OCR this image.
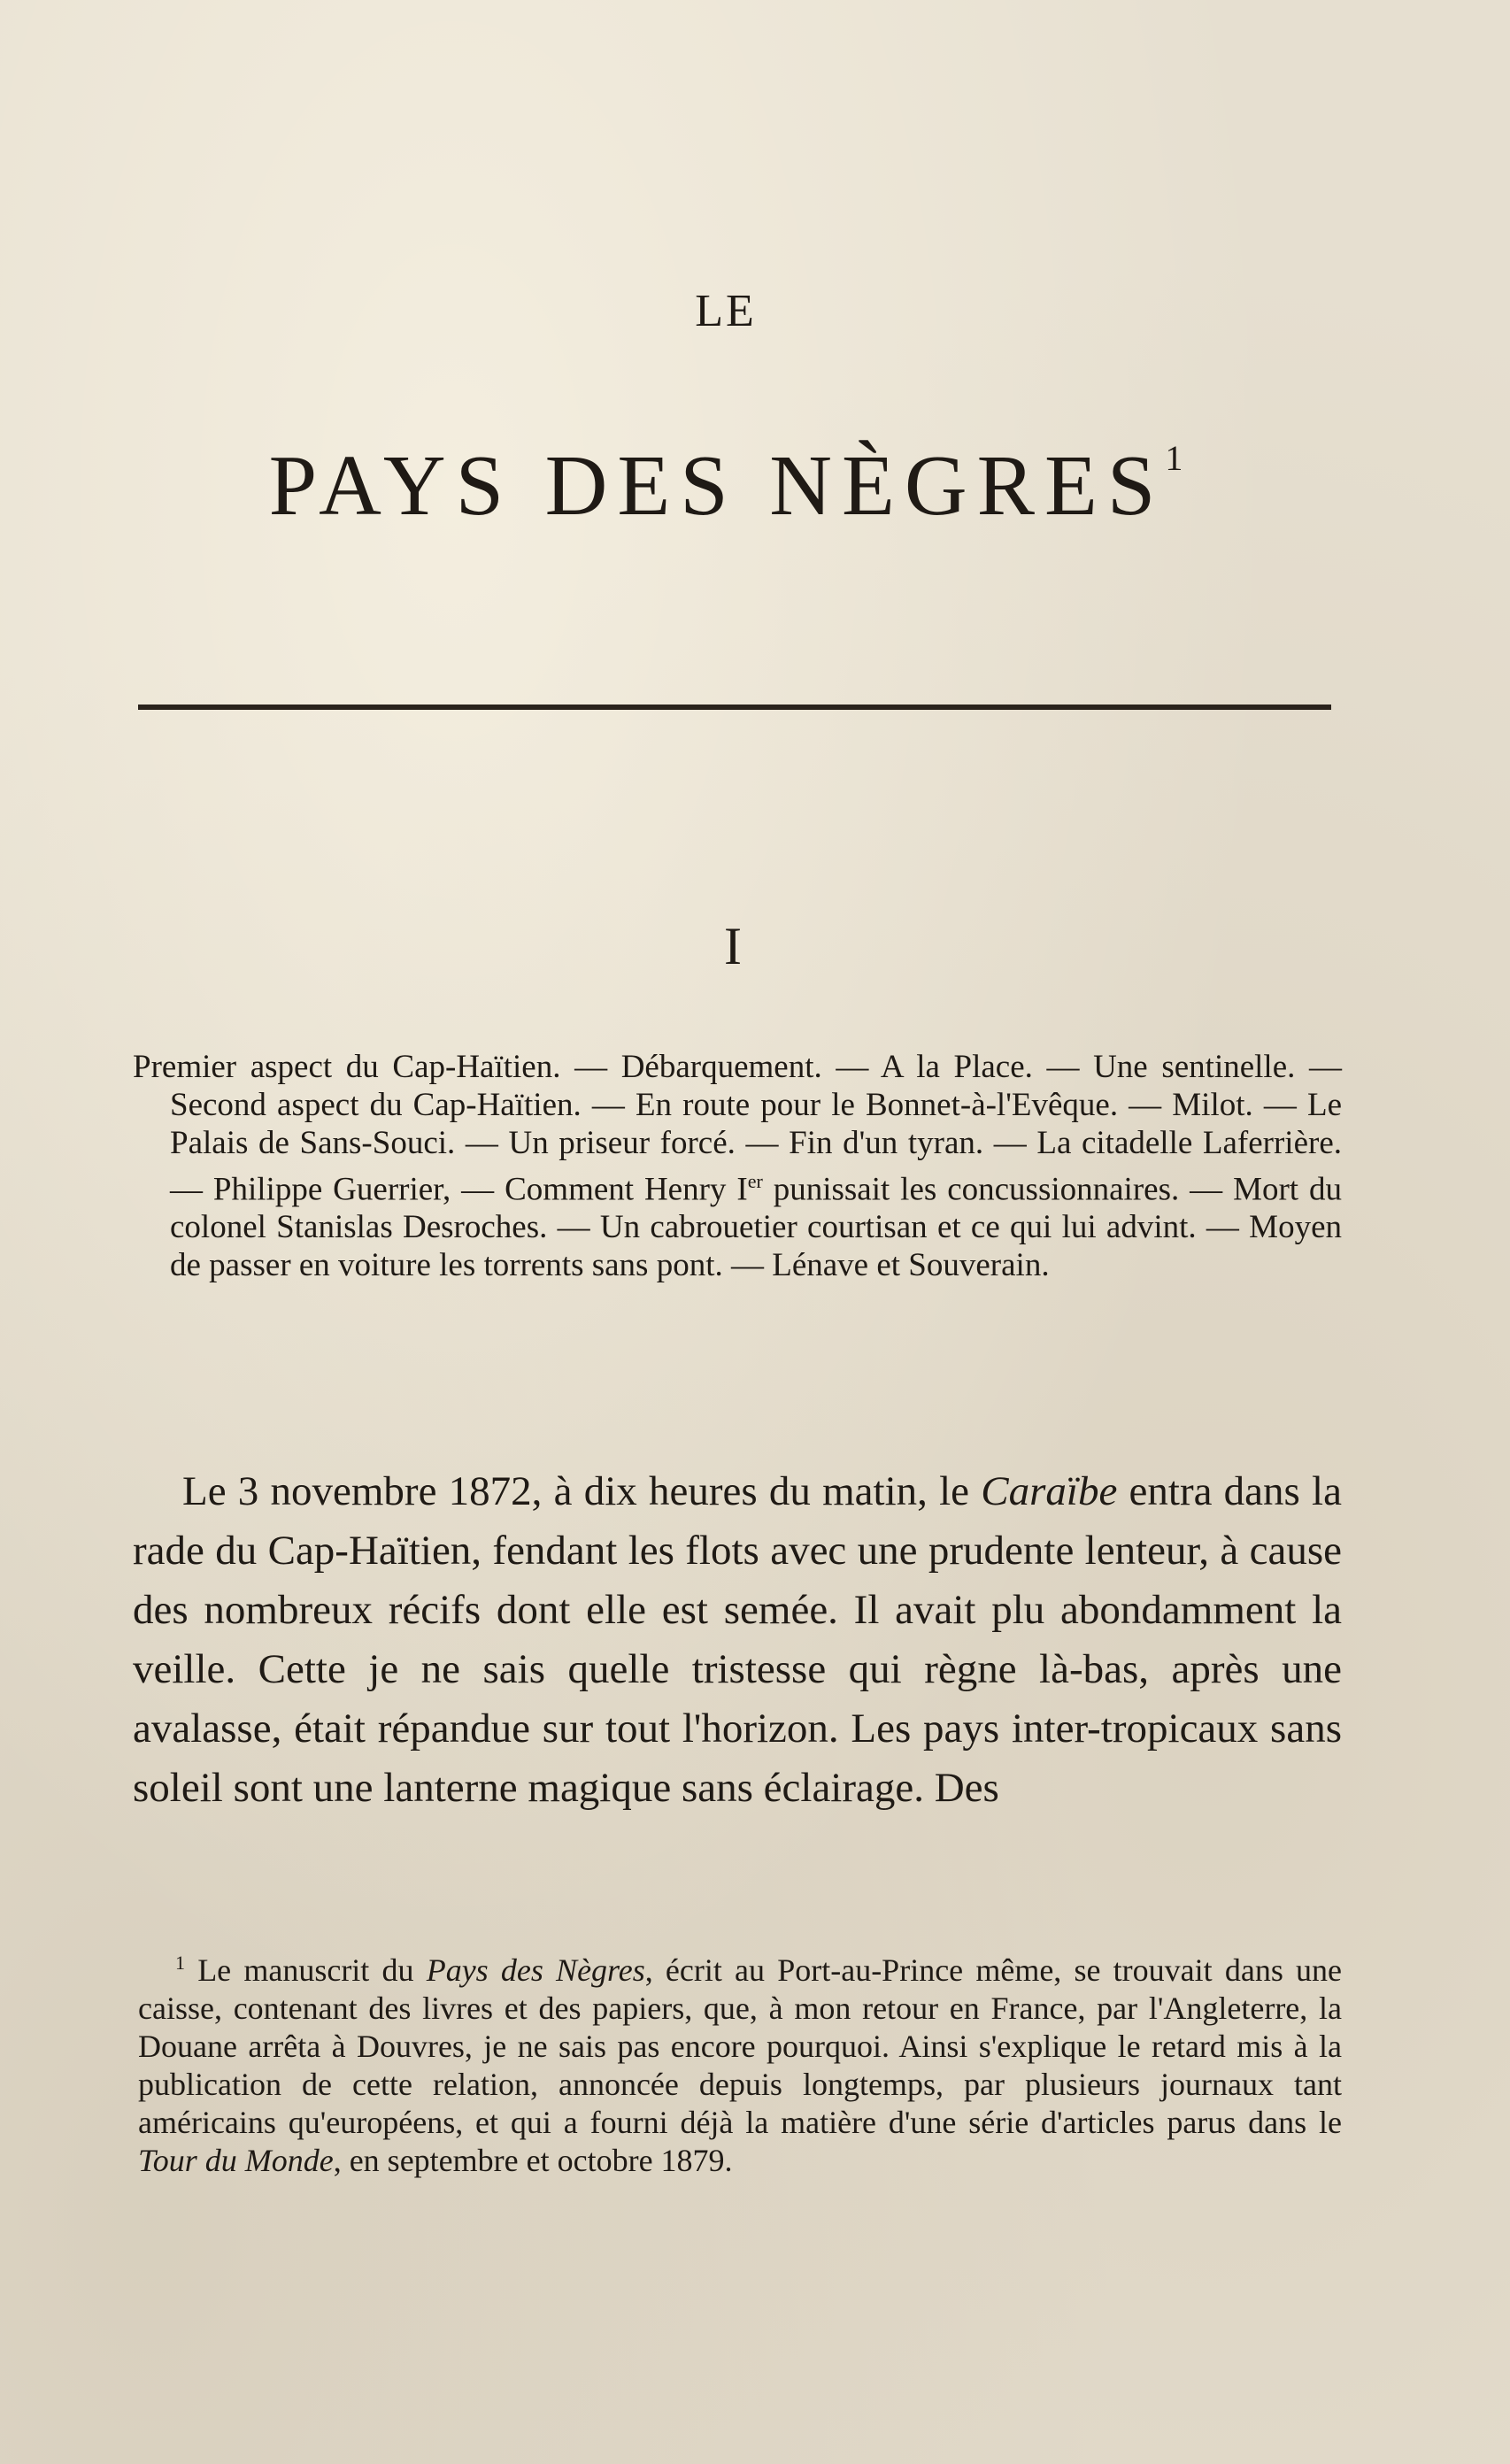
LE
PAYS DES NÈGRES$^1$
I
Premier aspect du Cap-Haïtien. — Débarquement. — A la Place. — Une sentinelle. — Second aspect du Cap-Haïtien. — En route pour le Bonnet-à-l'Evêque. — Milot. — Le Palais de Sans-Souci. — Un priseur forcé. — Fin d'un tyran. — La citadelle Laferrière. — Philippe Guerrier, — Comment Henry Ier punissait les concussionnaires. — Mort du colonel Stanislas Desroches. — Un cabrouetier courtisan et ce qui lui advint. — Moyen de passer en voiture les torrents sans pont. — Lénave et Souverain.

Le 3 novembre 1872, à dix heures du matin, le Caraïbe entra dans la rade du Cap-Haïtien, fendant les flots avec une prudente lenteur, à cause des nombreux récifs dont elle est semée. Il avait plu abondamment la veille. Cette je ne sais quelle tristesse qui règne là-bas, après une avalasse, était répandue sur tout l'horizon. Les pays inter-tropicaux sans soleil sont une lanterne magique sans éclairage. Des

$^1$ Le manuscrit du Pays des Nègres, écrit au Port-au-Prince même, se trouvait dans une caisse, contenant des livres et des papiers, que, à mon retour en France, par l'Angleterre, la Douane arrêta à Douvres, je ne sais pas encore pourquoi. Ainsi s'explique le retard mis à la publication de cette relation, annoncée depuis longtemps, par plusieurs journaux tant américains qu'européens, et qui a fourni déjà la matière d'une série d'articles parus dans le Tour du Monde, en septembre et octobre 1879.
